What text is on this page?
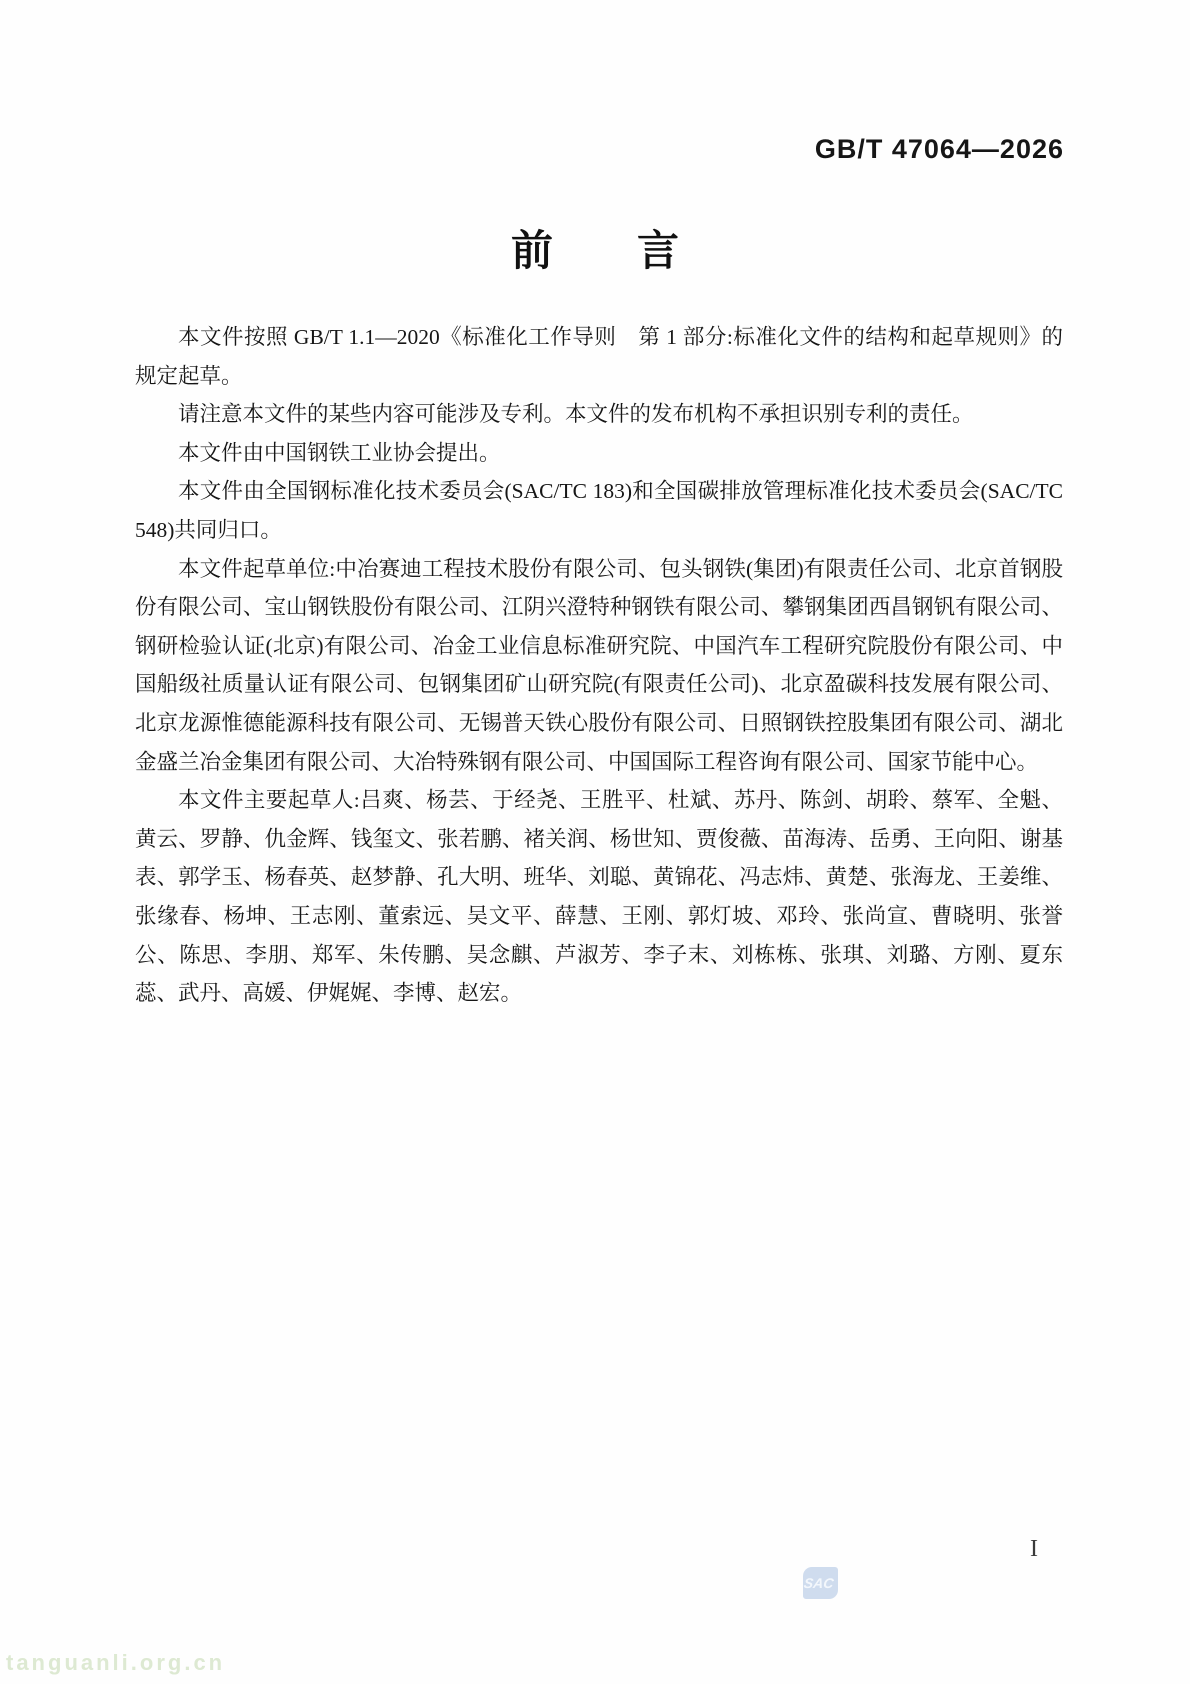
GB/T 47064—2026
前　　言

本文件按照 GB/T 1.1—2020《标准化工作导则　第 1 部分:标准化文件的结构和起草规则》的规定起草。

请注意本文件的某些内容可能涉及专利。本文件的发布机构不承担识别专利的责任。

本文件由中国钢铁工业协会提出。

本文件由全国钢标准化技术委员会(SAC/TC 183)和全国碳排放管理标准化技术委员会(SAC/TC 548)共同归口。

本文件起草单位:中冶赛迪工程技术股份有限公司、包头钢铁(集团)有限责任公司、北京首钢股份有限公司、宝山钢铁股份有限公司、江阴兴澄特种钢铁有限公司、攀钢集团西昌钢钒有限公司、钢研检验认证(北京)有限公司、冶金工业信息标准研究院、中国汽车工程研究院股份有限公司、中国船级社质量认证有限公司、包钢集团矿山研究院(有限责任公司)、北京盈碳科技发展有限公司、北京龙源惟德能源科技有限公司、无锡普天铁心股份有限公司、日照钢铁控股集团有限公司、湖北金盛兰冶金集团有限公司、大冶特殊钢有限公司、中国国际工程咨询有限公司、国家节能中心。

本文件主要起草人:吕爽、杨芸、于经尧、王胜平、杜斌、苏丹、陈剑、胡聆、蔡军、全魁、黄云、罗静、仇金辉、钱玺文、张若鹏、褚关润、杨世知、贾俊薇、苗海涛、岳勇、王向阳、谢基表、郭学玉、杨春英、赵梦静、孔大明、班华、刘聪、黄锦花、冯志炜、黄楚、张海龙、王姜维、张缘春、杨坤、王志刚、董索远、吴文平、薛慧、王刚、郭灯坡、邓玲、张尚宣、曹晓明、张誉公、陈思、李朋、郑军、朱传鹏、吴念麒、芦淑芳、李子末、刘栋栋、张琪、刘璐、方刚、夏东蕊、武丹、高媛、伊娓娓、李博、赵宏。

I
SAC
tanguanli.org.cn
